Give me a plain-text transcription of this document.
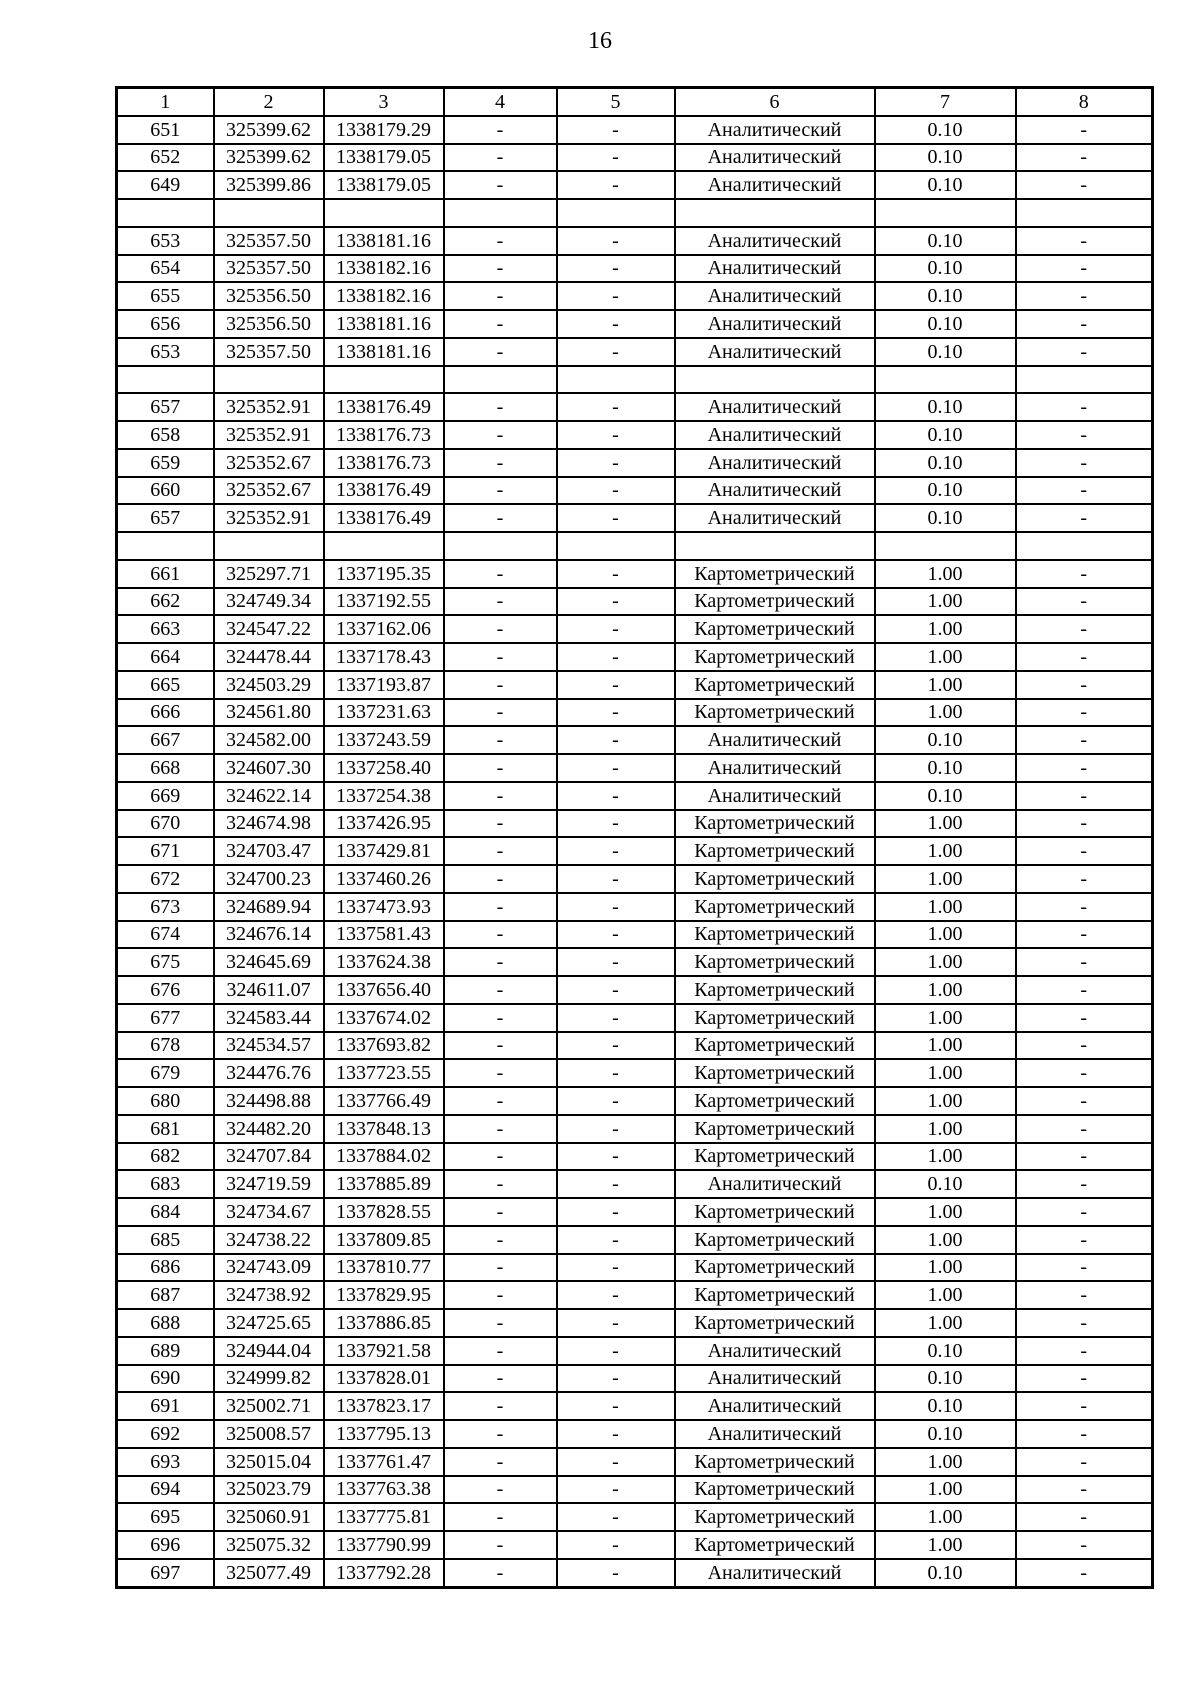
16
1	2	3	4	5	6	7	8
651	325399.62	1338179.29	-	-	Аналитический	0.10	-
652	325399.62	1338179.05	-	-	Аналитический	0.10	-
649	325399.86	1338179.05	-	-	Аналитический	0.10	-

653	325357.50	1338181.16	-	-	Аналитический	0.10	-
654	325357.50	1338182.16	-	-	Аналитический	0.10	-
655	325356.50	1338182.16	-	-	Аналитический	0.10	-
656	325356.50	1338181.16	-	-	Аналитический	0.10	-
653	325357.50	1338181.16	-	-	Аналитический	0.10	-

657	325352.91	1338176.49	-	-	Аналитический	0.10	-
658	325352.91	1338176.73	-	-	Аналитический	0.10	-
659	325352.67	1338176.73	-	-	Аналитический	0.10	-
660	325352.67	1338176.49	-	-	Аналитический	0.10	-
657	325352.91	1338176.49	-	-	Аналитический	0.10	-

661	325297.71	1337195.35	-	-	Картометрический	1.00	-
662	324749.34	1337192.55	-	-	Картометрический	1.00	-
663	324547.22	1337162.06	-	-	Картометрический	1.00	-
664	324478.44	1337178.43	-	-	Картометрический	1.00	-
665	324503.29	1337193.87	-	-	Картометрический	1.00	-
666	324561.80	1337231.63	-	-	Картометрический	1.00	-
667	324582.00	1337243.59	-	-	Аналитический	0.10	-
668	324607.30	1337258.40	-	-	Аналитический	0.10	-
669	324622.14	1337254.38	-	-	Аналитический	0.10	-
670	324674.98	1337426.95	-	-	Картометрический	1.00	-
671	324703.47	1337429.81	-	-	Картометрический	1.00	-
672	324700.23	1337460.26	-	-	Картометрический	1.00	-
673	324689.94	1337473.93	-	-	Картометрический	1.00	-
674	324676.14	1337581.43	-	-	Картометрический	1.00	-
675	324645.69	1337624.38	-	-	Картометрический	1.00	-
676	324611.07	1337656.40	-	-	Картометрический	1.00	-
677	324583.44	1337674.02	-	-	Картометрический	1.00	-
678	324534.57	1337693.82	-	-	Картометрический	1.00	-
679	324476.76	1337723.55	-	-	Картометрический	1.00	-
680	324498.88	1337766.49	-	-	Картометрический	1.00	-
681	324482.20	1337848.13	-	-	Картометрический	1.00	-
682	324707.84	1337884.02	-	-	Картометрический	1.00	-
683	324719.59	1337885.89	-	-	Аналитический	0.10	-
684	324734.67	1337828.55	-	-	Картометрический	1.00	-
685	324738.22	1337809.85	-	-	Картометрический	1.00	-
686	324743.09	1337810.77	-	-	Картометрический	1.00	-
687	324738.92	1337829.95	-	-	Картометрический	1.00	-
688	324725.65	1337886.85	-	-	Картометрический	1.00	-
689	324944.04	1337921.58	-	-	Аналитический	0.10	-
690	324999.82	1337828.01	-	-	Аналитический	0.10	-
691	325002.71	1337823.17	-	-	Аналитический	0.10	-
692	325008.57	1337795.13	-	-	Аналитический	0.10	-
693	325015.04	1337761.47	-	-	Картометрический	1.00	-
694	325023.79	1337763.38	-	-	Картометрический	1.00	-
695	325060.91	1337775.81	-	-	Картометрический	1.00	-
696	325075.32	1337790.99	-	-	Картометрический	1.00	-
697	325077.49	1337792.28	-	-	Аналитический	0.10	-
